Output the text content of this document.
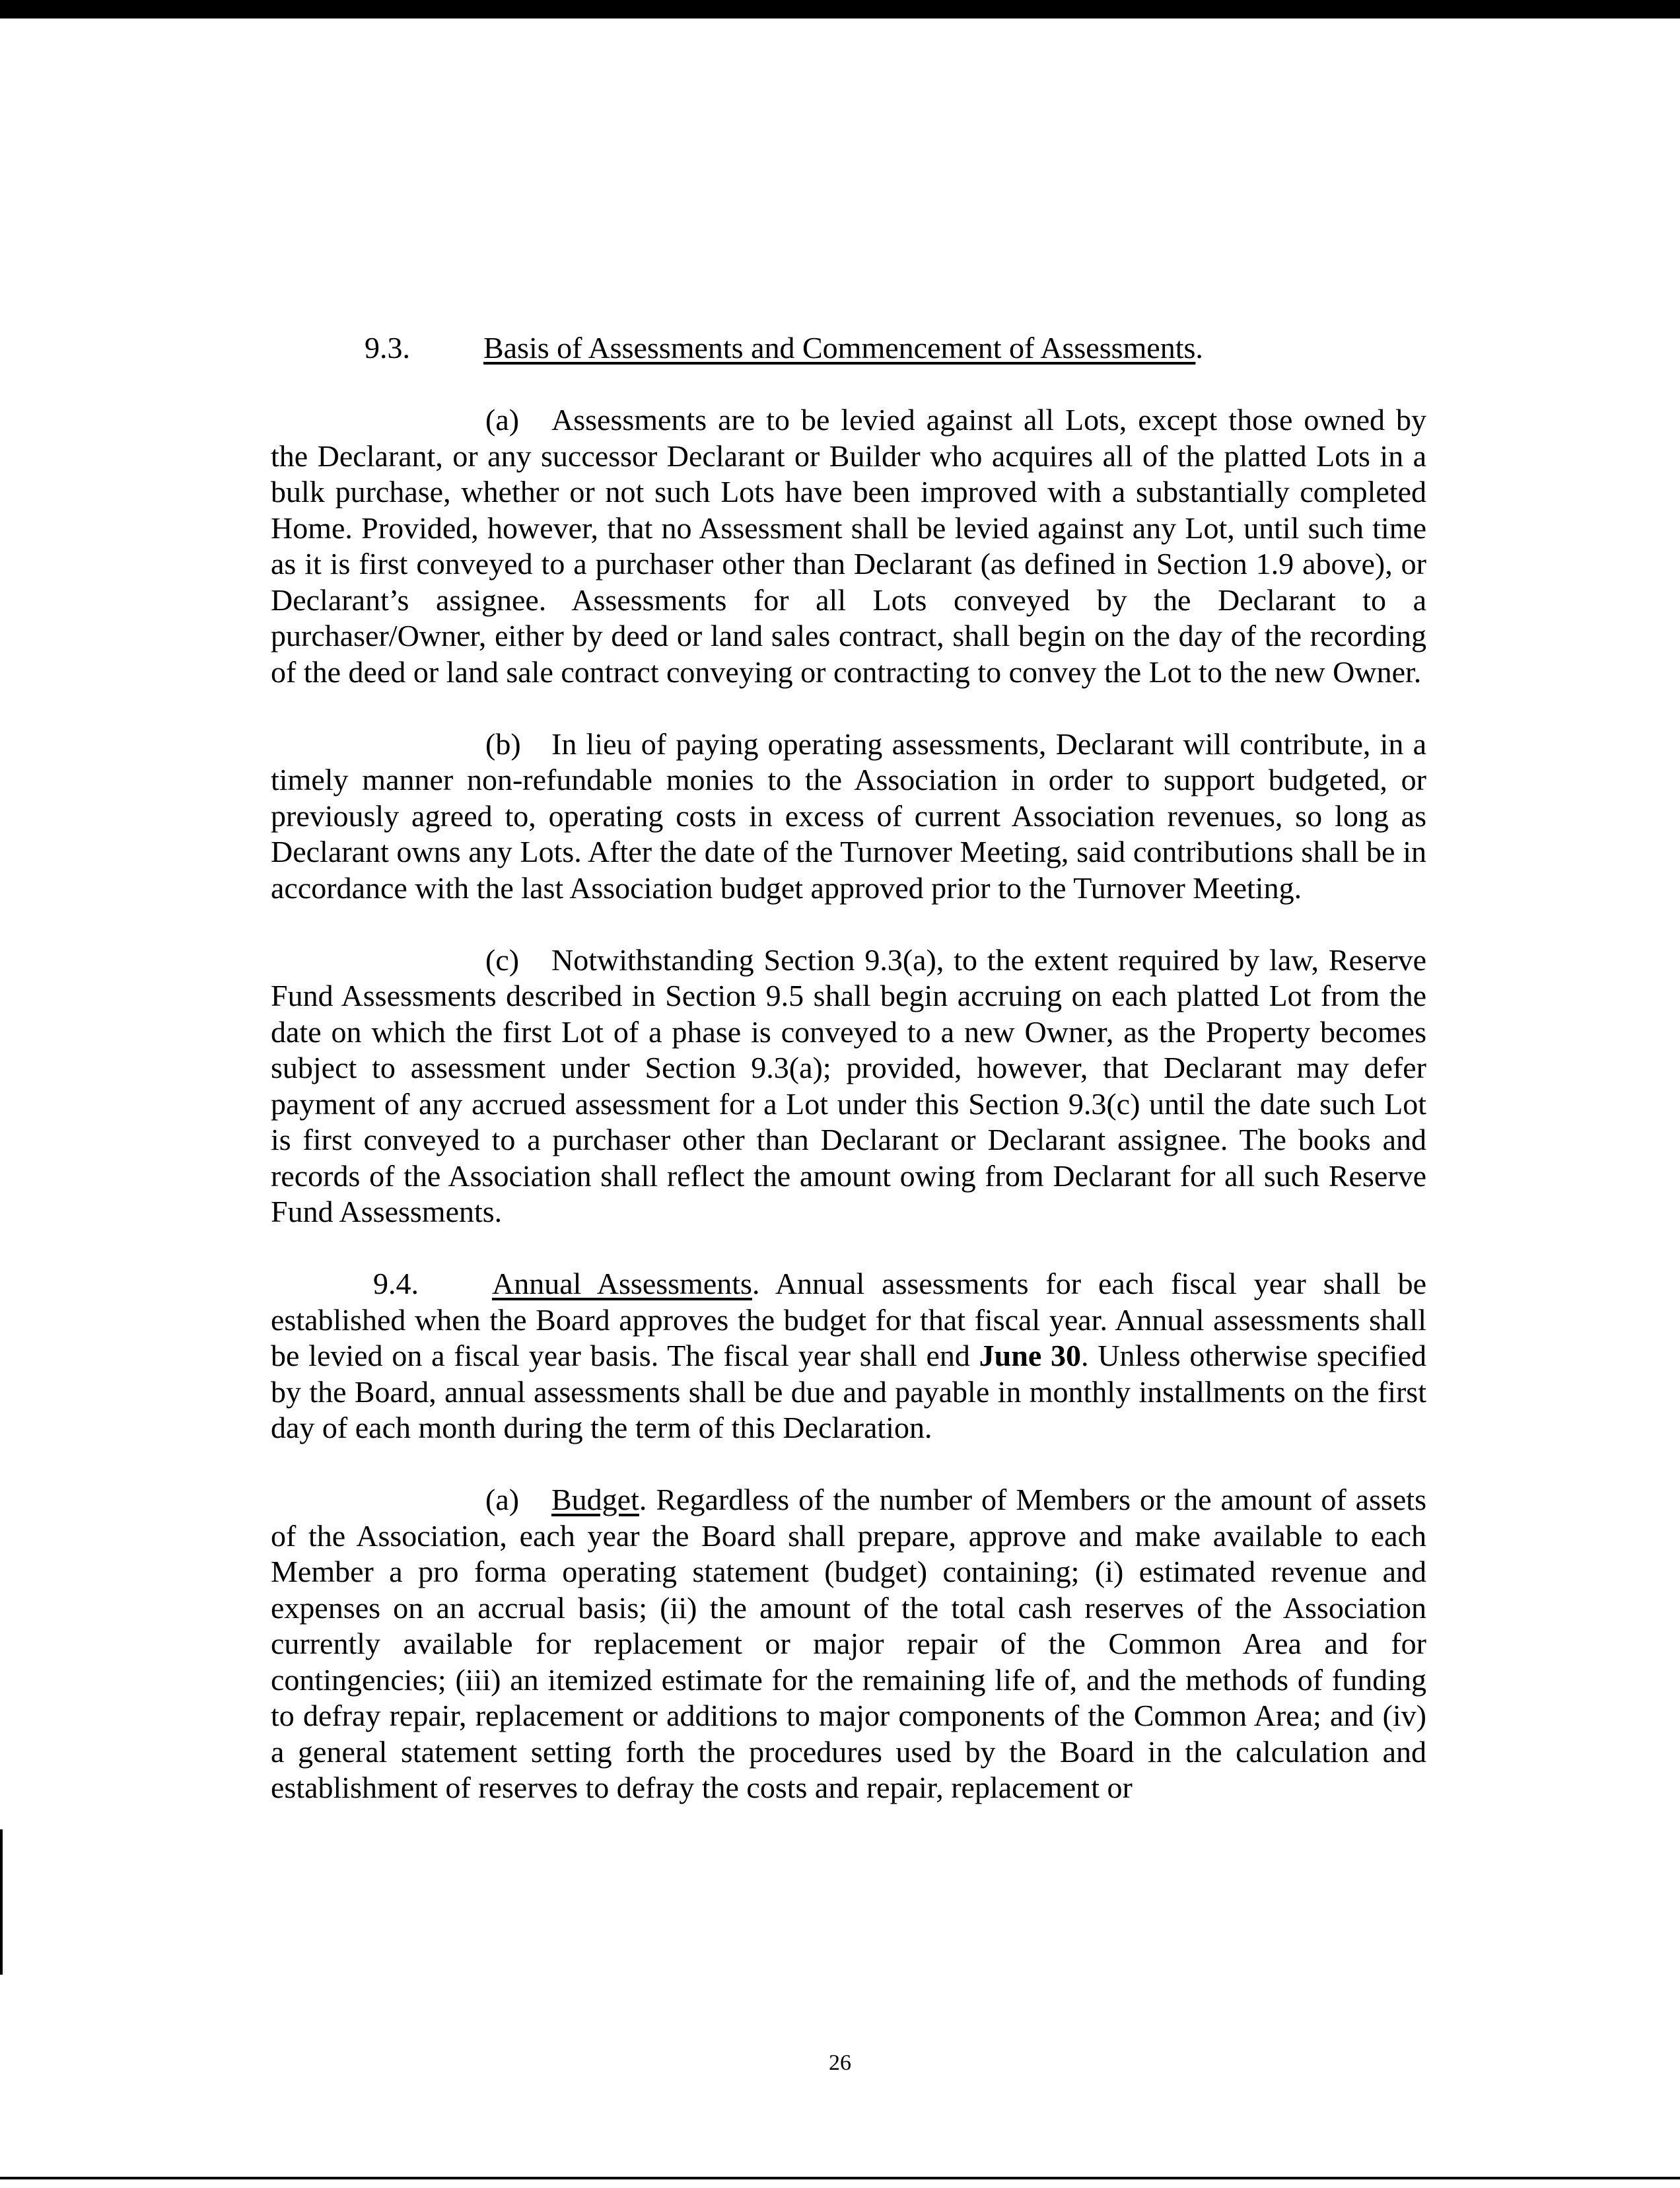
9.3. Basis of Assessments and Commencement of Assessments.

(a) Assessments are to be levied against all Lots, except those owned by the Declarant, or any successor Declarant or Builder who acquires all of the platted Lots in a bulk purchase, whether or not such Lots have been improved with a substantially completed Home. Provided, however, that no Assessment shall be levied against any Lot, until such time as it is first conveyed to a purchaser other than Declarant (as defined in Section 1.9 above), or Declarant’s assignee. Assessments for all Lots conveyed by the Declarant to a purchaser/Owner, either by deed or land sales contract, shall begin on the day of the recording of the deed or land sale contract conveying or contracting to convey the Lot to the new Owner.

(b) In lieu of paying operating assessments, Declarant will contribute, in a timely manner non-refundable monies to the Association in order to support budgeted, or previously agreed to, operating costs in excess of current Association revenues, so long as Declarant owns any Lots. After the date of the Turnover Meeting, said contributions shall be in accordance with the last Association budget approved prior to the Turnover Meeting.

(c) Notwithstanding Section 9.3(a), to the extent required by law, Reserve Fund Assessments described in Section 9.5 shall begin accruing on each platted Lot from the date on which the first Lot of a phase is conveyed to a new Owner, as the Property becomes subject to assessment under Section 9.3(a); provided, however, that Declarant may defer payment of any accrued assessment for a Lot under this Section 9.3(c) until the date such Lot is first conveyed to a purchaser other than Declarant or Declarant assignee. The books and records of the Association shall reflect the amount owing from Declarant for all such Reserve Fund Assessments.

9.4. Annual Assessments. Annual assessments for each fiscal year shall be established when the Board approves the budget for that fiscal year. Annual assessments shall be levied on a fiscal year basis. The fiscal year shall end June 30. Unless otherwise specified by the Board, annual assessments shall be due and payable in monthly installments on the first day of each month during the term of this Declaration.

(a) Budget. Regardless of the number of Members or the amount of assets of the Association, each year the Board shall prepare, approve and make available to each Member a pro forma operating statement (budget) containing; (i) estimated revenue and expenses on an accrual basis; (ii) the amount of the total cash reserves of the Association currently available for replacement or major repair of the Common Area and for contingencies; (iii) an itemized estimate for the remaining life of, and the methods of funding to defray repair, replacement or additions to major components of the Common Area; and (iv) a general statement setting forth the procedures used by the Board in the calculation and establishment of reserves to defray the costs and repair, replacement or

26
